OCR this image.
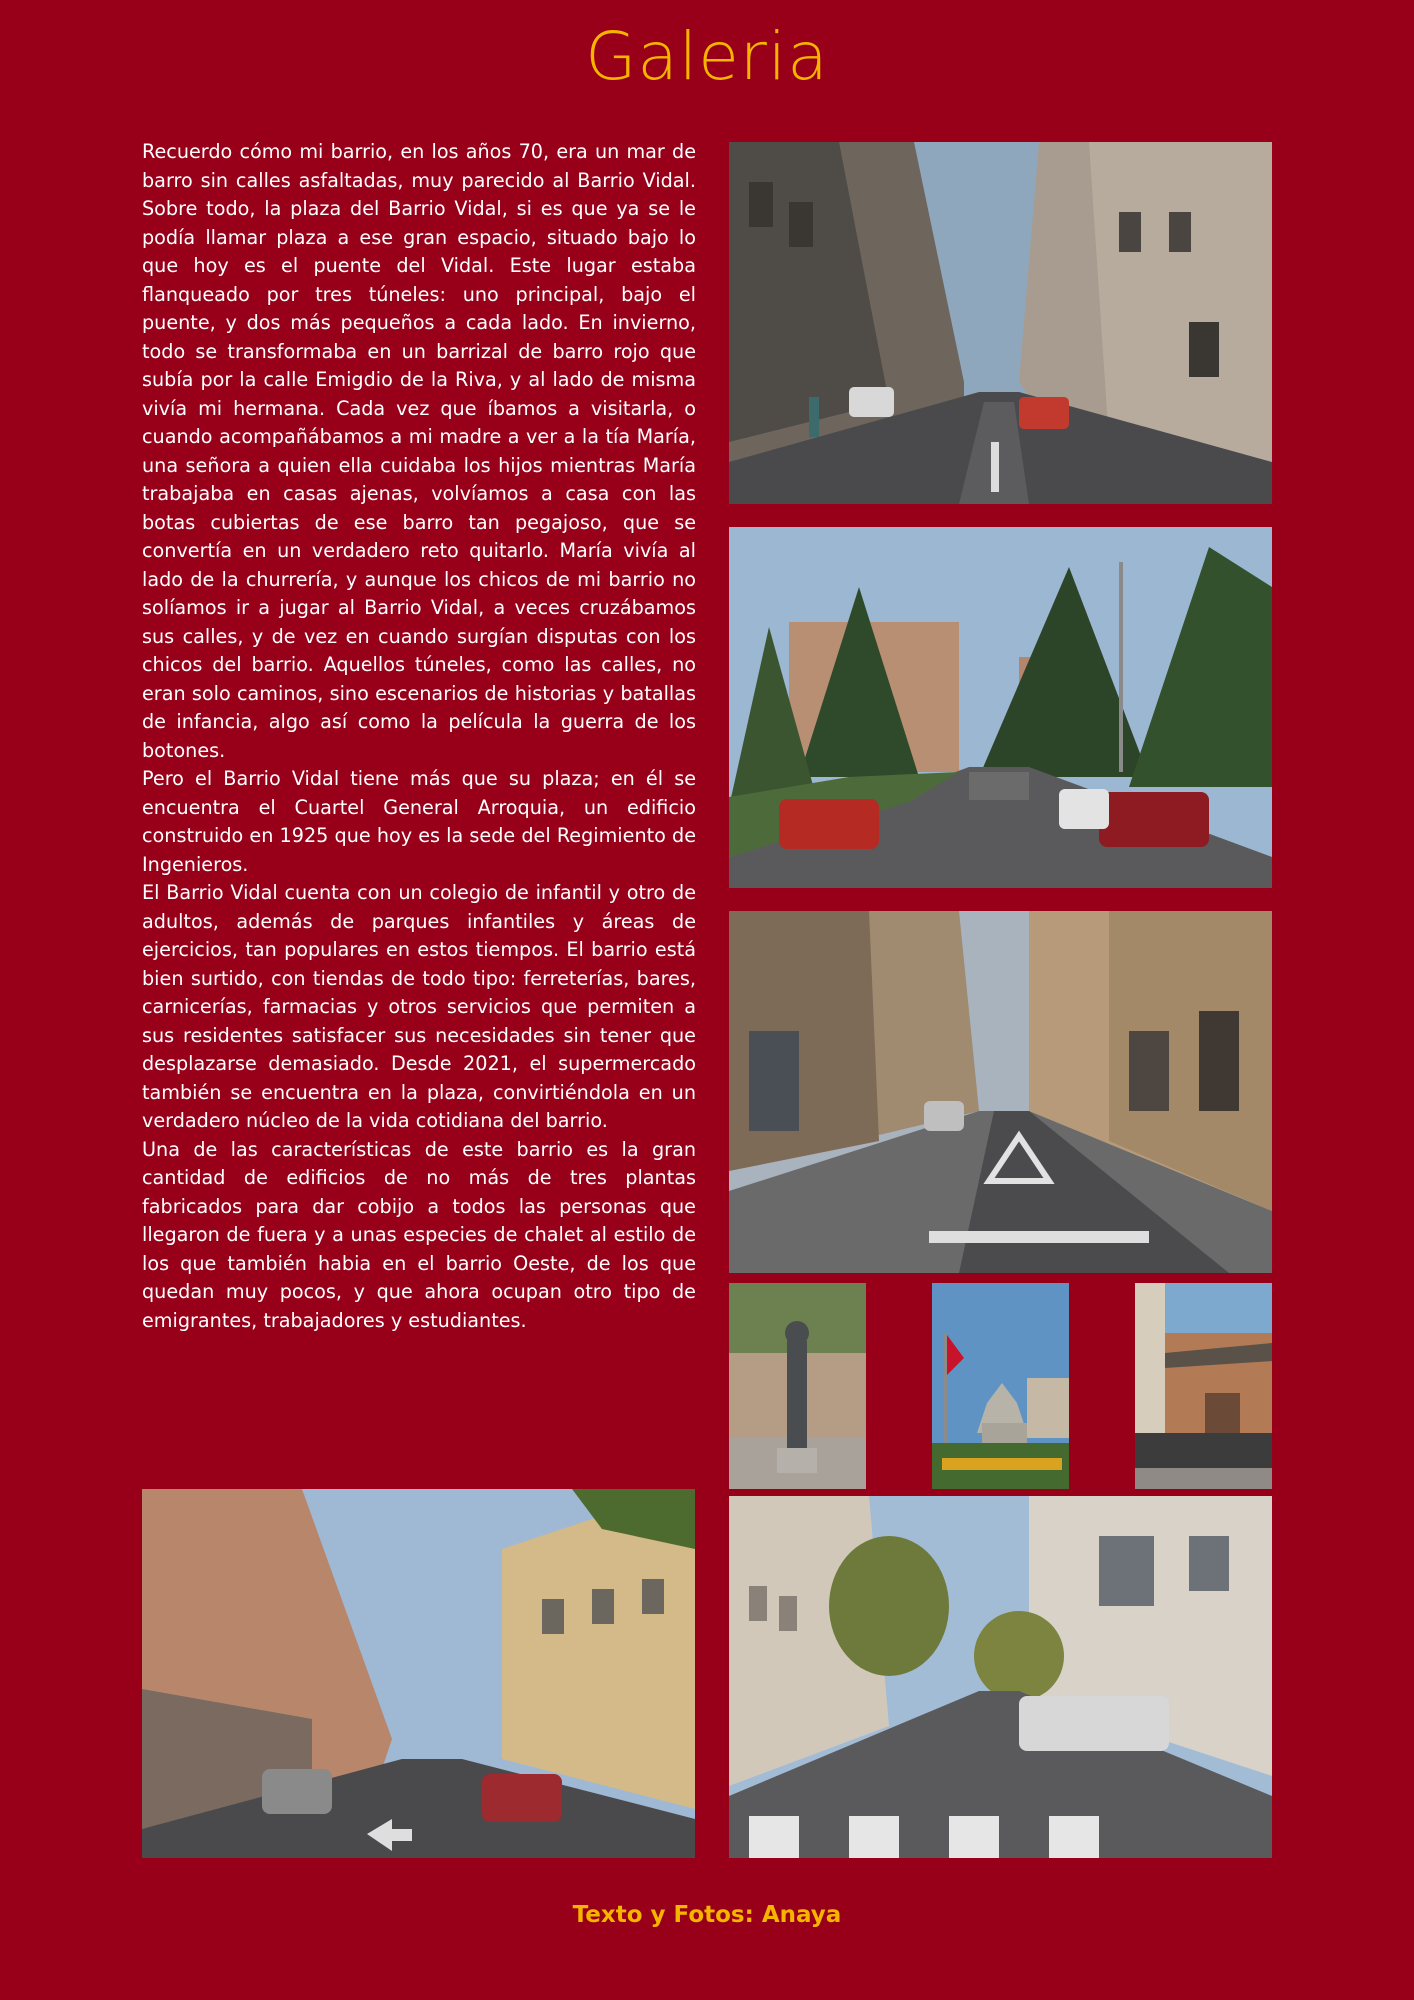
Galeria

Recuerdo cómo mi barrio, en los años 70, era un mar de barro sin calles asfaltadas, muy parecido al Barrio Vidal. Sobre todo, la plaza del Barrio Vidal, si es que ya se le podía llamar plaza a ese gran espacio, situado bajo lo que hoy es el puente del Vidal. Este lugar estaba flanqueado por tres túneles: uno principal, bajo el puente, y dos más pequeños a cada lado. En invierno, todo se transformaba en un barrizal de barro rojo que subía por la calle Emigdio de la Riva, y al lado de misma vivía mi hermana. Cada vez que íbamos a visitarla, o cuando acompañábamos a mi madre a ver a la tía María, una señora a quien ella cuidaba los hijos mientras María trabajaba en casas ajenas, volvíamos a casa con las botas cubiertas de ese barro tan pegajoso, que se convertía en un verdadero reto quitarlo. María vivía al lado de la churrería, y aunque los chicos de mi barrio no solíamos ir a jugar al Barrio Vidal, a veces cruzábamos sus calles, y de vez en cuando surgían disputas con los chicos del barrio. Aquellos túneles, como las calles, no eran solo caminos, sino escenarios de historias y batallas de infancia, algo así como la película la guerra de los botones.

Pero el Barrio Vidal tiene más que su plaza; en él se encuentra el Cuartel General Arroquia, un edificio construido en 1925 que hoy es la sede del Regimiento de Ingenieros.

El Barrio Vidal cuenta con un colegio de infantil y otro de adultos, además de parques infantiles y áreas de ejercicios, tan populares en estos tiempos. El barrio está bien surtido, con tiendas de todo tipo: ferreterías, bares, carnicerías, farmacias y otros servicios que permiten a sus residentes satisfacer sus necesidades sin tener que desplazarse demasiado. Desde 2021, el supermercado también se encuentra en la plaza, convirtiéndola en un verdadero núcleo de la vida cotidiana del barrio.

Una de las características de este barrio es la gran cantidad de edificios de no más de tres plantas fabricados para dar cobijo a todos las personas que llegaron de fuera y a unas especies de chalet al estilo de los que también habia en el barrio Oeste, de los que quedan muy pocos, y que ahora ocupan otro tipo de emigrantes, trabajadores y estudiantes.

Texto y Fotos: Anaya
